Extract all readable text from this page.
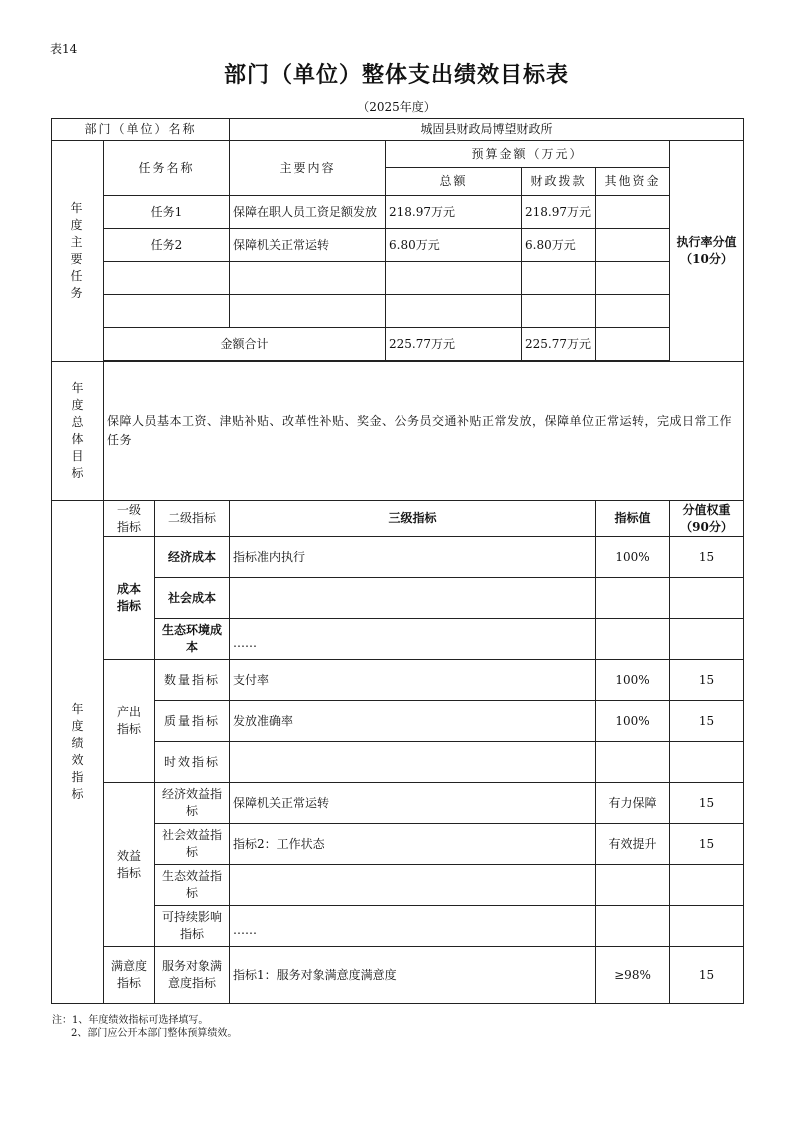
表14
部门（单位）整体支出绩效目标表
（2025年度）
部门（单位）名称			城固县财政局博望财政所				
年度主要任务	任务名称		主要内容	预算金额（万元）			执行率分值（10分）
				总额	财政拨款	其他资金	
	任务1		保障在职人员工资足额发放	218.97万元	218.97万元		
	任务2		保障机关正常运转	6.80万元	6.80万元		

	金额合计			225.77万元	225.77万元		

年度总体目标	保障人员基本工资、津贴补贴、改革性补贴、奖金、公务员交通补贴正常发放，保障单位正常运转，完成日常工作任务						
年度绩效指标	一级指标	二级指标	三级指标			指标值	分值权重（90分）
	成本指标	经济成本	指标准内执行			100%	15
		社会成本					
		生态环境成本	……				
	产出指标	数量指标	支付率			100%	15
		质量指标	发放准确率			100%	15
		时效指标					
	效益指标	经济效益指标	保障机关正常运转			有力保障	15
		社会效益指标	指标2：工作状态			有效提升	15
		生态效益指标					
		可持续影响指标	……				
	满意度指标	服务对象满意度指标	指标1：服务对象满意度满意度			≥98%	15
注：1、年度绩效指标可选择填写。
2、部门应公开本部门整体预算绩效。
